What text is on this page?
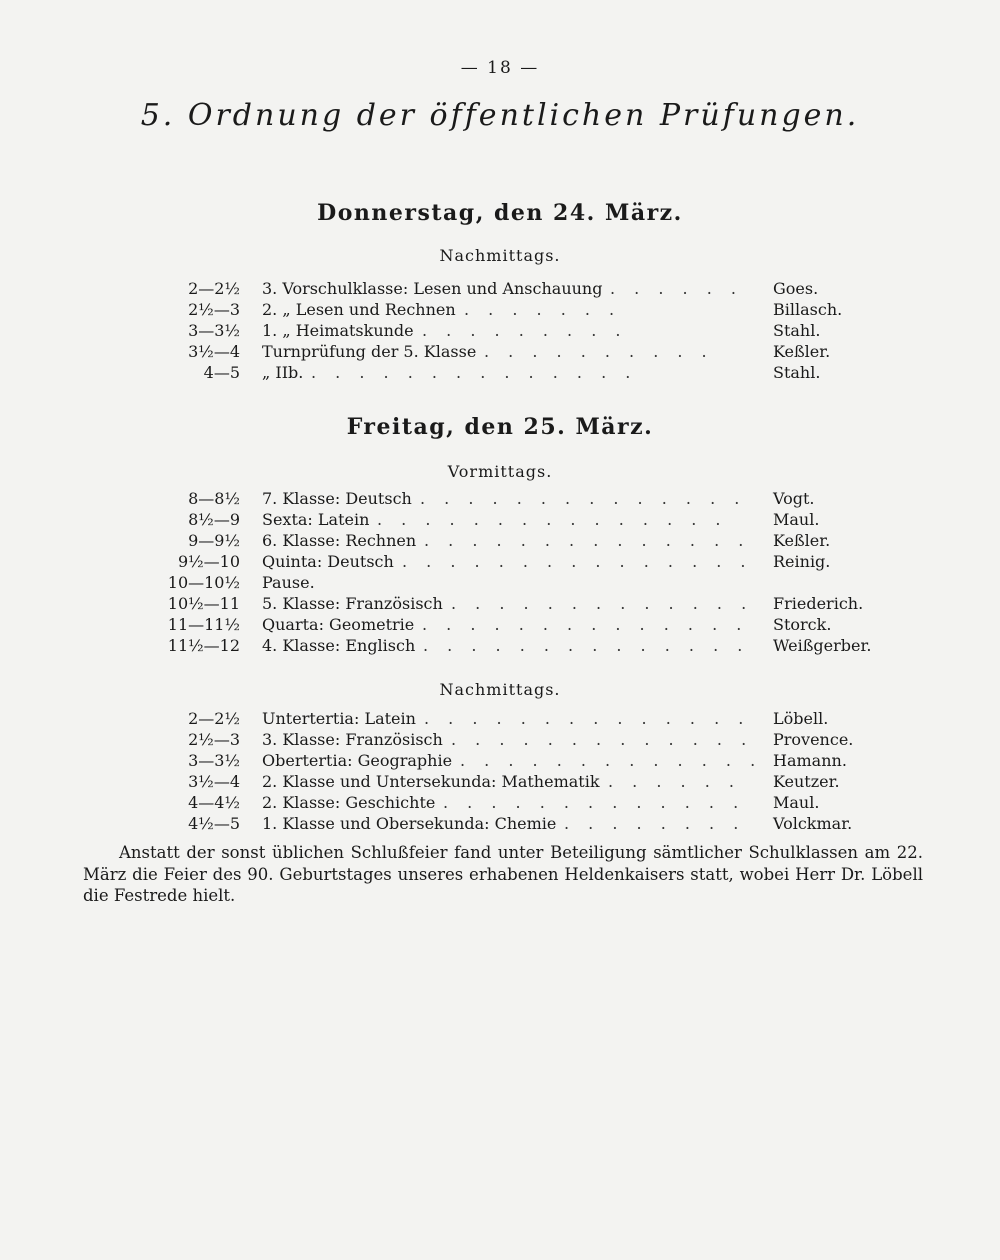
— 18 —
5. Ordnung der öffentlichen Prüfungen.
Donnerstag, den 24. März.
Nachmittags.
2—2½ 3. Vorschulklasse: Lesen und Anschauung . . . . . . Goes.
2½—3 2. „ Lesen und Rechnen . . . . . . .	Billasch.
3—3½ 1. „ Heimatskunde . . . . . . . . .	Stahl.
3½—4 Turnprüfung der 5. Klasse . . . . . . . . . .	Keßler.
4—5 „ IIb. . . . . . . . . . . . . . .	Stahl.
Freitag, den 25. März.
Vormittags.
8—8½ 7. Klasse: Deutsch . . . . . . . . . . . . . . Vogt.
8½—9 Sexta: Latein . . . . . . . . . . . . . . .	Maul.
9—9½ 6. Klasse: Rechnen . . . . . . . . . . . . . . Keßler.
9½—10 Quinta: Deutsch . . . . . . . . . . . . . . . Reinig.
10—10½ Pause.
10½—11 5. Klasse: Französisch . . . . . . . . . . . . . Friederich.
11—11½ Quarta: Geometrie . . . . . . . . . . . . . . Storck.
11½—12 4. Klasse: Englisch . . . . . . . . . . . . . . Weißgerber.
Nachmittags.
2—2½ Untertertia: Latein . . . . . . . . . . . . . . Löbell.
2½—3 3. Klasse: Französisch . . . . . . . . . . . . . Provence.
3—3½ Obertertia: Geographie . . . . . . . . . . . . . Hamann.
3½—4 2. Klasse und Untersekunda: Mathematik . . . . . . Keutzer.
4—4½ 2. Klasse: Geschichte . . . . . . . . . . . . . Maul.
4½—5 1. Klasse und Obersekunda: Chemie . . . . . . . . Volckmar.
Anstatt der sonst üblichen Schlußfeier fand unter Beteiligung sämtlicher Schulklassen am 22. März die Feier des 90. Geburtstages unseres erhabenen Heldenkaisers statt, wobei Herr Dr. Löbell die Festrede hielt.
